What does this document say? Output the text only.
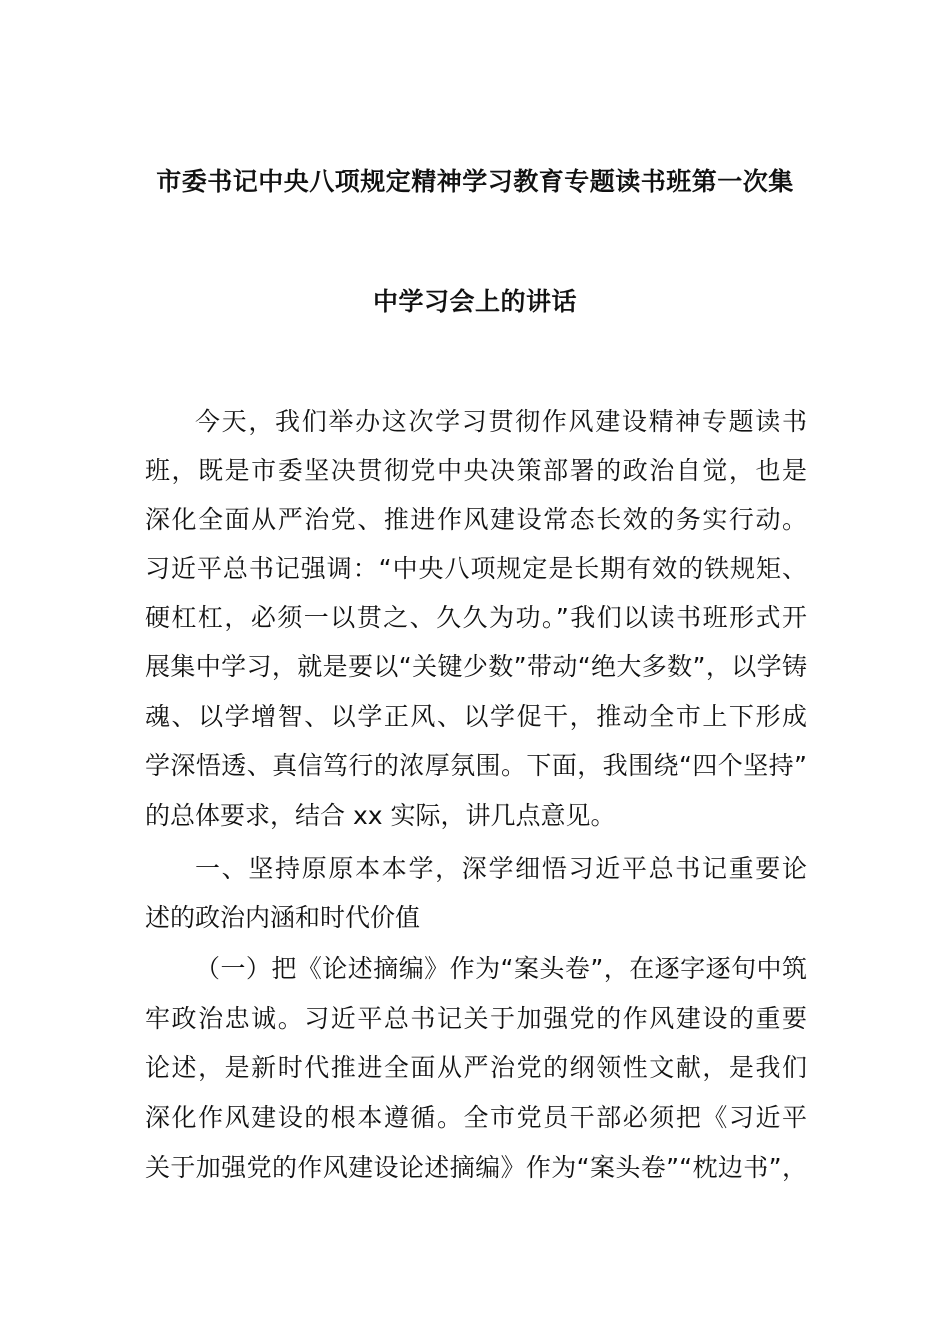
市委书记中央八项规定精神学习教育专题读书班第一次集
中学习会上的讲话
今天，我们举办这次学习贯彻作风建设精神专题读书
班，既是市委坚决贯彻党中央决策部署的政治自觉，也是
深化全面从严治党、推进作风建设常态长效的务实行动。
习近平总书记强调：“中央八项规定是长期有效的铁规矩、
硬杠杠，必须一以贯之、久久为功。”我们以读书班形式开
展集中学习，就是要以“关键少数”带动“绝大多数”，以学铸
魂、以学增智、以学正风、以学促干，推动全市上下形成
学深悟透、真信笃行的浓厚氛围。下面，我围绕“四个坚持”
的总体要求，结合 xx 实际，讲几点意见。
一、坚持原原本本学，深学细悟习近平总书记重要论
述的政治内涵和时代价值
（一）把《论述摘编》作为“案头卷”，在逐字逐句中筑
牢政治忠诚。习近平总书记关于加强党的作风建设的重要
论述，是新时代推进全面从严治党的纲领性文献，是我们
深化作风建设的根本遵循。全市党员干部必须把《习近平
关于加强党的作风建设论述摘编》作为“案头卷”“枕边书”，
